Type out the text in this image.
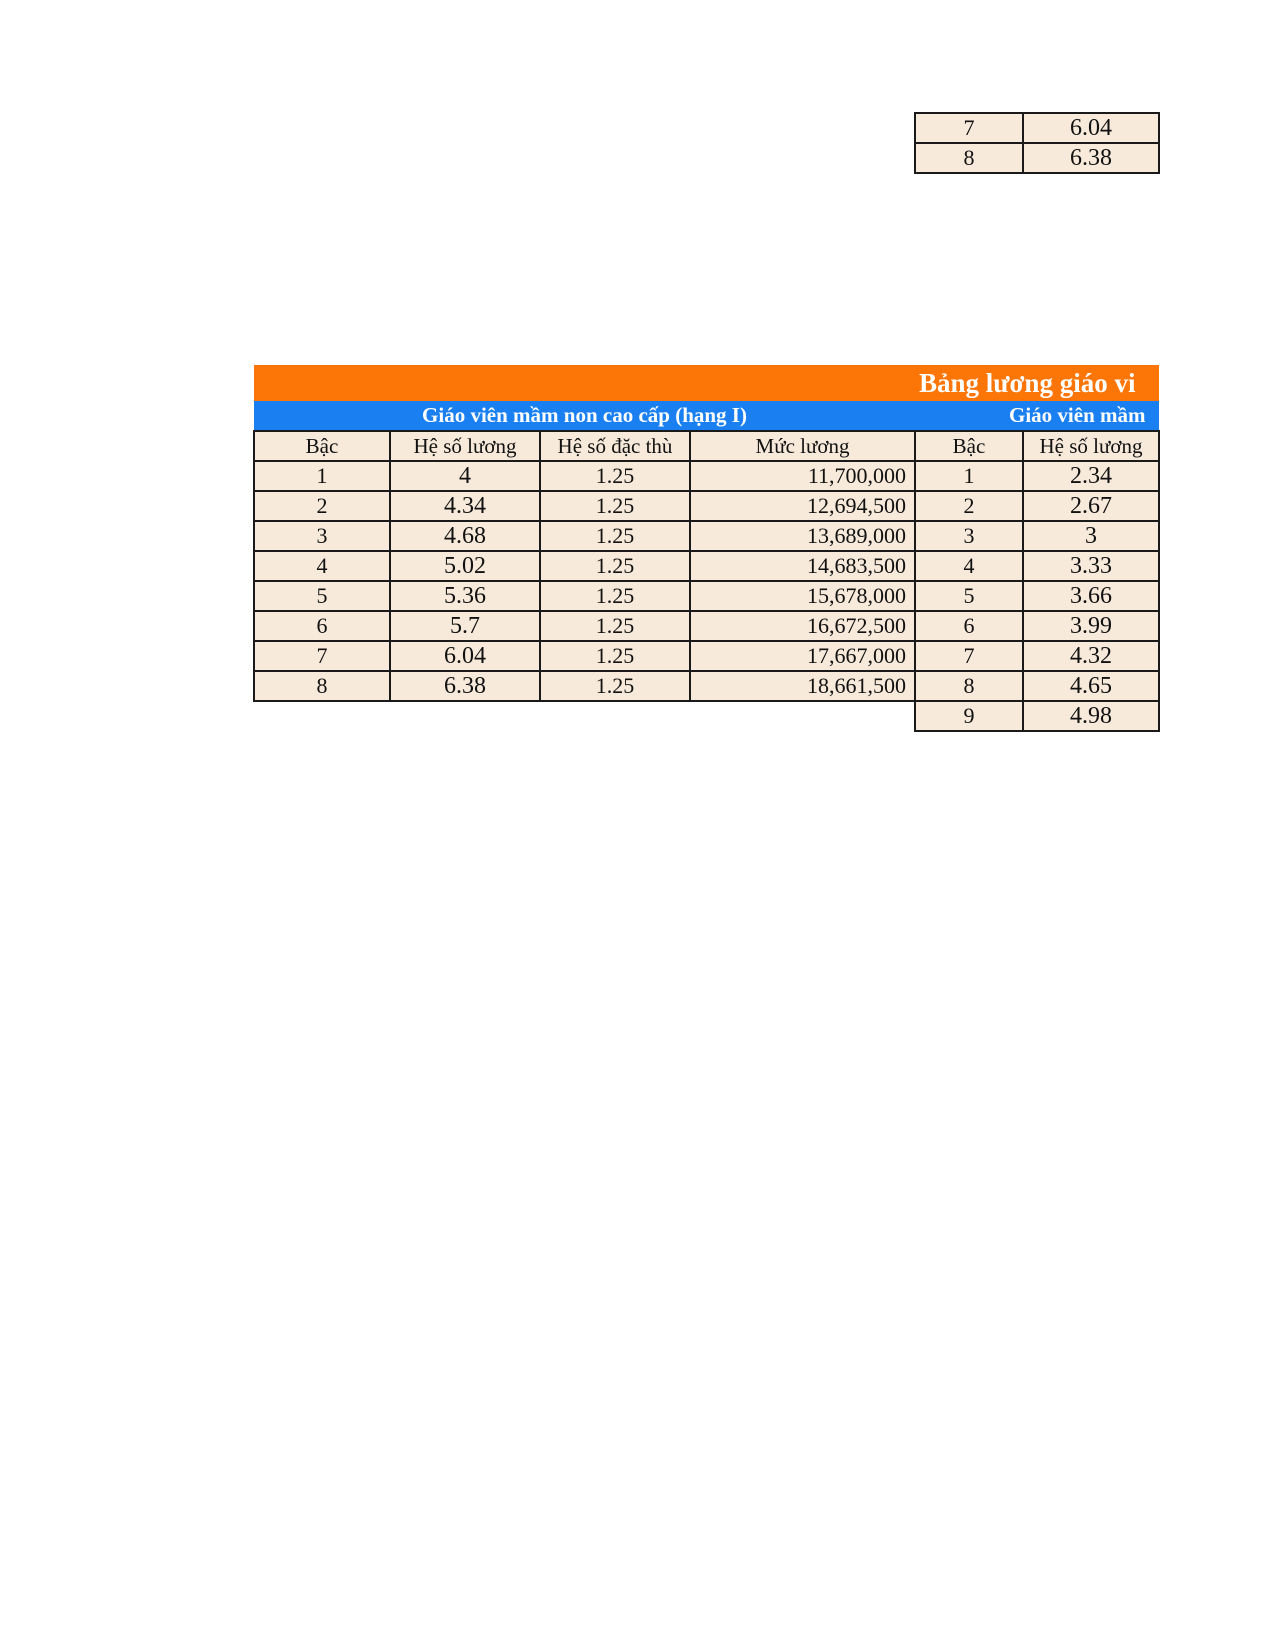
7	6.04
8	6.38
Bảng lương giáo vi					
Giáo viên mầm non cao cấp (hạng I)				Giáo viên mầm	
Bậc	Hệ số lương	Hệ số đặc thù	Mức lương	Bậc	Hệ số lương
1	4	1.25	11,700,000	1	2.34
2	4.34	1.25	12,694,500	2	2.67
3	4.68	1.25	13,689,000	3	3
4	5.02	1.25	14,683,500	4	3.33
5	5.36	1.25	15,678,000	5	3.66
6	5.7	1.25	16,672,500	6	3.99
7	6.04	1.25	17,667,000	7	4.32
8	6.38	1.25	18,661,500	8	4.65
				9	4.98
